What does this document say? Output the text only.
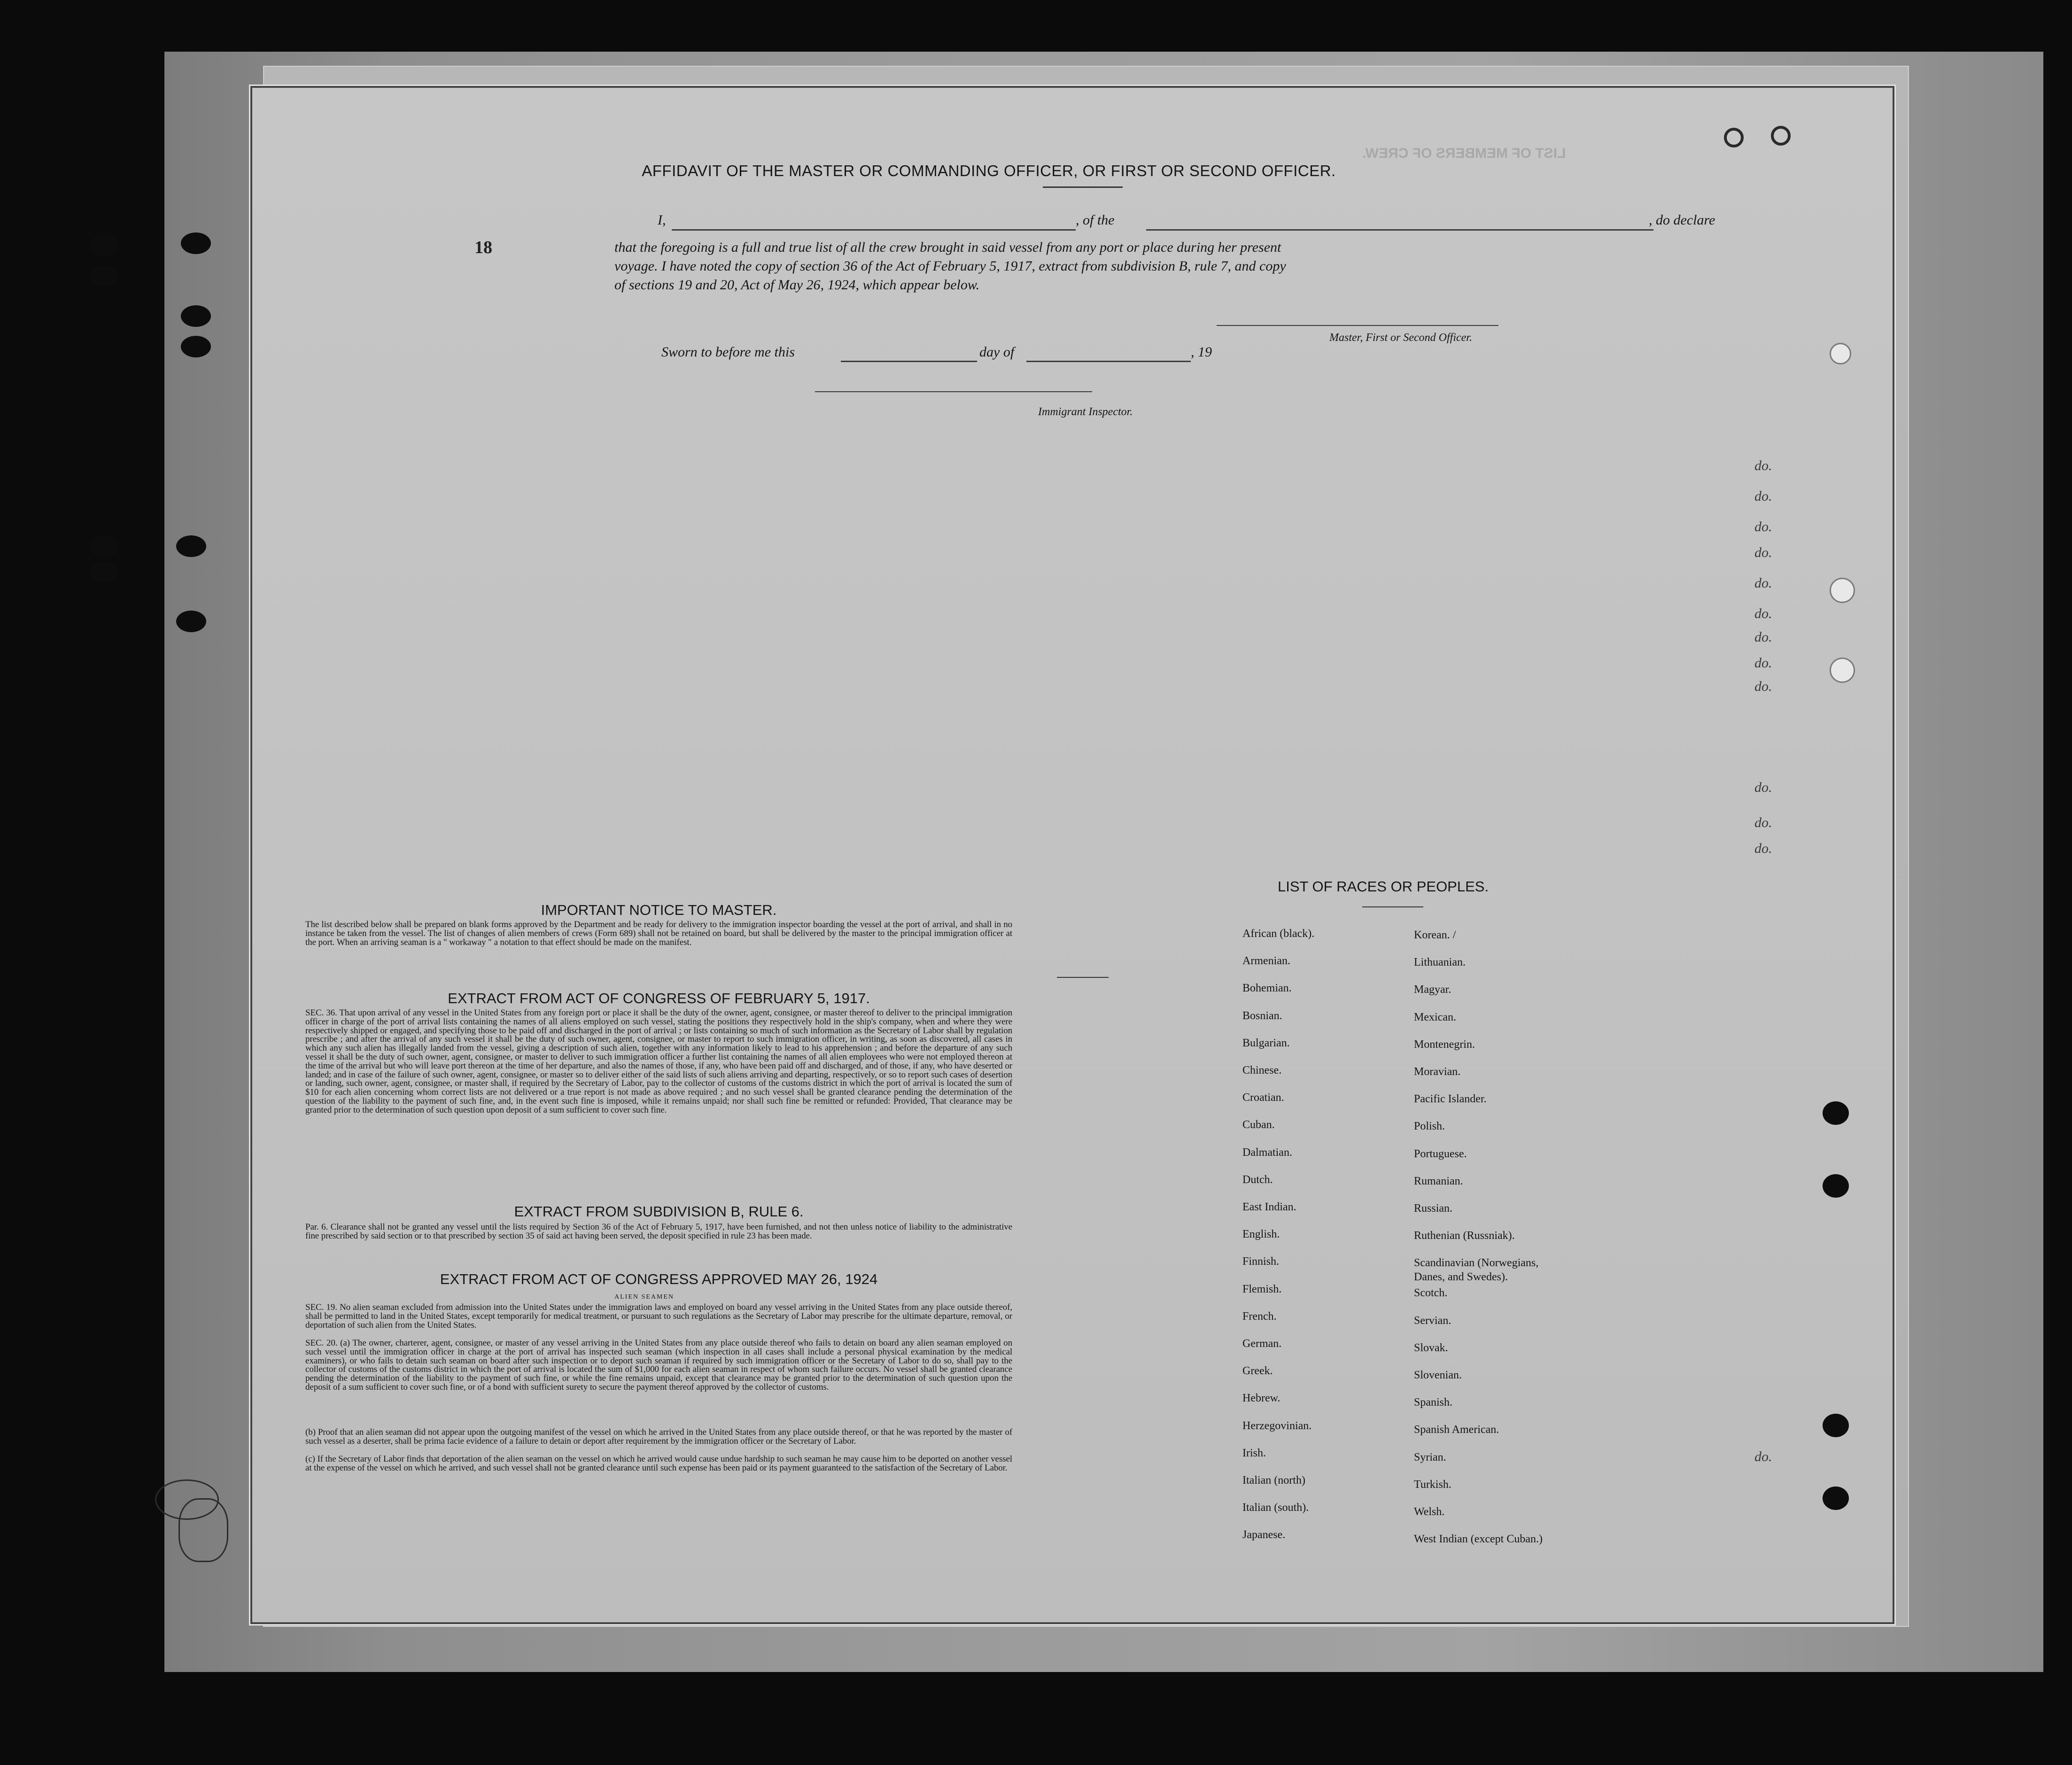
LIST OF MEMBERS OF CREW.
18
AFFIDAVIT OF THE MASTER OR COMMANDING OFFICER, OR FIRST OR SECOND OFFICER.
I,	, of the	, do declare
that the foregoing is a full and true list of all the crew brought in said vessel from any port or place during her present
voyage. I have noted the copy of section 36 of the Act of February 5, 1917, extract from subdivision B, rule 7, and copy
of sections 19 and 20, Act of May 26, 1924, which appear below.
Master, First or Second Officer.
Sworn to before me this	day of	, 19
Immigrant Inspector.
IMPORTANT NOTICE TO MASTER.
The list described below shall be prepared on blank forms approved by the Department and be ready for delivery to the immigration inspector boarding the vessel at the port of arrival, and shall in no instance be taken from the vessel. The list of changes of alien members of crews (Form 689) shall not be retained on board, but shall be delivered by the master to the principal immigration officer at the port. When an arriving seaman is a " workaway " a notation to that effect should be made on the manifest.
EXTRACT FROM ACT OF CONGRESS OF FEBRUARY 5, 1917.
SEC. 36. That upon arrival of any vessel in the United States from any foreign port or place it shall be the duty of the owner, agent, consignee, or master thereof to deliver to the principal immigration officer in charge of the port of arrival lists containing the names of all aliens employed on such vessel, stating the positions they respectively hold in the ship's company, when and where they were respectively shipped or engaged, and specifying those to be paid off and discharged in the port of arrival ; or lists containing so much of such information as the Secretary of Labor shall by regulation prescribe ; and after the arrival of any such vessel it shall be the duty of such owner, agent, consignee, or master to report to such immigration officer, in writing, as soon as discovered, all cases in which any such alien has illegally landed from the vessel, giving a description of such alien, together with any information likely to lead to his apprehension ; and before the departure of any such vessel it shall be the duty of such owner, agent, consignee, or master to deliver to such immigration officer a further list containing the names of all alien employees who were not employed thereon at the time of the arrival but who will leave port thereon at the time of her departure, and also the names of those, if any, who have been paid off and discharged, and of those, if any, who have deserted or landed; and in case of the failure of such owner, agent, consignee, or master so to deliver either of the said lists of such aliens arriving and departing, respectively, or so to report such cases of desertion or landing, such owner, agent, consignee, or master shall, if required by the Secretary of Labor, pay to the collector of customs of the customs district in which the port of arrival is located the sum of $10 for each alien concerning whom correct lists are not delivered or a true report is not made as above required ; and no such vessel shall be granted clearance pending the determination of the question of the liability to the payment of such fine, and, in the event such fine is imposed, while it remains unpaid; nor shall such fine be remitted or refunded: Provided, That clearance may be granted prior to the determination of such question upon deposit of a sum sufficient to cover such fine.
EXTRACT FROM SUBDIVISION B, RULE 6.
Par. 6. Clearance shall not be granted any vessel until the lists required by Section 36 of the Act of February 5, 1917, have been furnished, and not then unless notice of liability to the administrative fine prescribed by said section or to that prescribed by section 35 of said act having been served, the deposit specified in rule 23 has been made.
EXTRACT FROM ACT OF CONGRESS APPROVED MAY 26, 1924
ALIEN SEAMEN
SEC. 19. No alien seaman excluded from admission into the United States under the immigration laws and employed on board any vessel arriving in the United States from any place outside thereof, shall be permitted to land in the United States, except temporarily for medical treatment, or pursuant to such regulations as the Secretary of Labor may prescribe for the ultimate departure, removal, or deportation of such alien from the United States.
SEC. 20. (a) The owner, charterer, agent, consignee, or master of any vessel arriving in the United States from any place outside thereof who fails to detain on board any alien seaman employed on such vessel until the immigration officer in charge at the port of arrival has inspected such seaman (which inspection in all cases shall include a personal physical examination by the medical examiners), or who fails to detain such seaman on board after such inspection or to deport such seaman if required by such immigration officer or the Secretary of Labor to do so, shall pay to the collector of customs of the customs district in which the port of arrival is located the sum of $1,000 for each alien seaman in respect of whom such failure occurs. No vessel shall be granted clearance pending the determination of the liability to the payment of such fine, or while the fine remains unpaid, except that clearance may be granted prior to the determination of such question upon the deposit of a sum sufficient to cover such fine, or of a bond with sufficient surety to secure the payment thereof approved by the collector of customs.
(b) Proof that an alien seaman did not appear upon the outgoing manifest of the vessel on which he arrived in the United States from any place outside thereof, or that he was reported by the master of such vessel as a deserter, shall be prima facie evidence of a failure to detain or deport after requirement by the immigration officer or the Secretary of Labor.
(c) If the Secretary of Labor finds that deportation of the alien seaman on the vessel on which he arrived would cause undue hardship to such seaman he may cause him to be deported on another vessel at the expense of the vessel on which he arrived, and such vessel shall not be granted clearance until such expense has been paid or its payment guaranteed to the satisfaction of the Secretary of Labor.
LIST OF RACES OR PEOPLES.
African (black).
Armenian.
Bohemian.
Bosnian.
Bulgarian.
Chinese.
Croatian.
Cuban.
Dalmatian.
Dutch.
East Indian.
English.
Finnish.
Flemish.
French.
German.
Greek.
Hebrew.
Herzegovinian.
Irish.
Italian (north)
Italian (south).
Japanese.
Korean. /
Lithuanian.
Magyar.
Mexican.
Montenegrin.
Moravian.
Pacific Islander.
Polish.
Portuguese.
Rumanian.
Russian.
Ruthenian (Russniak).
Scandinavian (Norwegians,
Danes, and Swedes).
Scotch.
Servian.
Slovak.
Slovenian.
Spanish.
Spanish American.
Syrian.
Turkish.
Welsh.
West Indian (except Cuban.)
do.
do.
do.
do.
do.
do.
do.
do.
do.
do.
do.
do.
do.
